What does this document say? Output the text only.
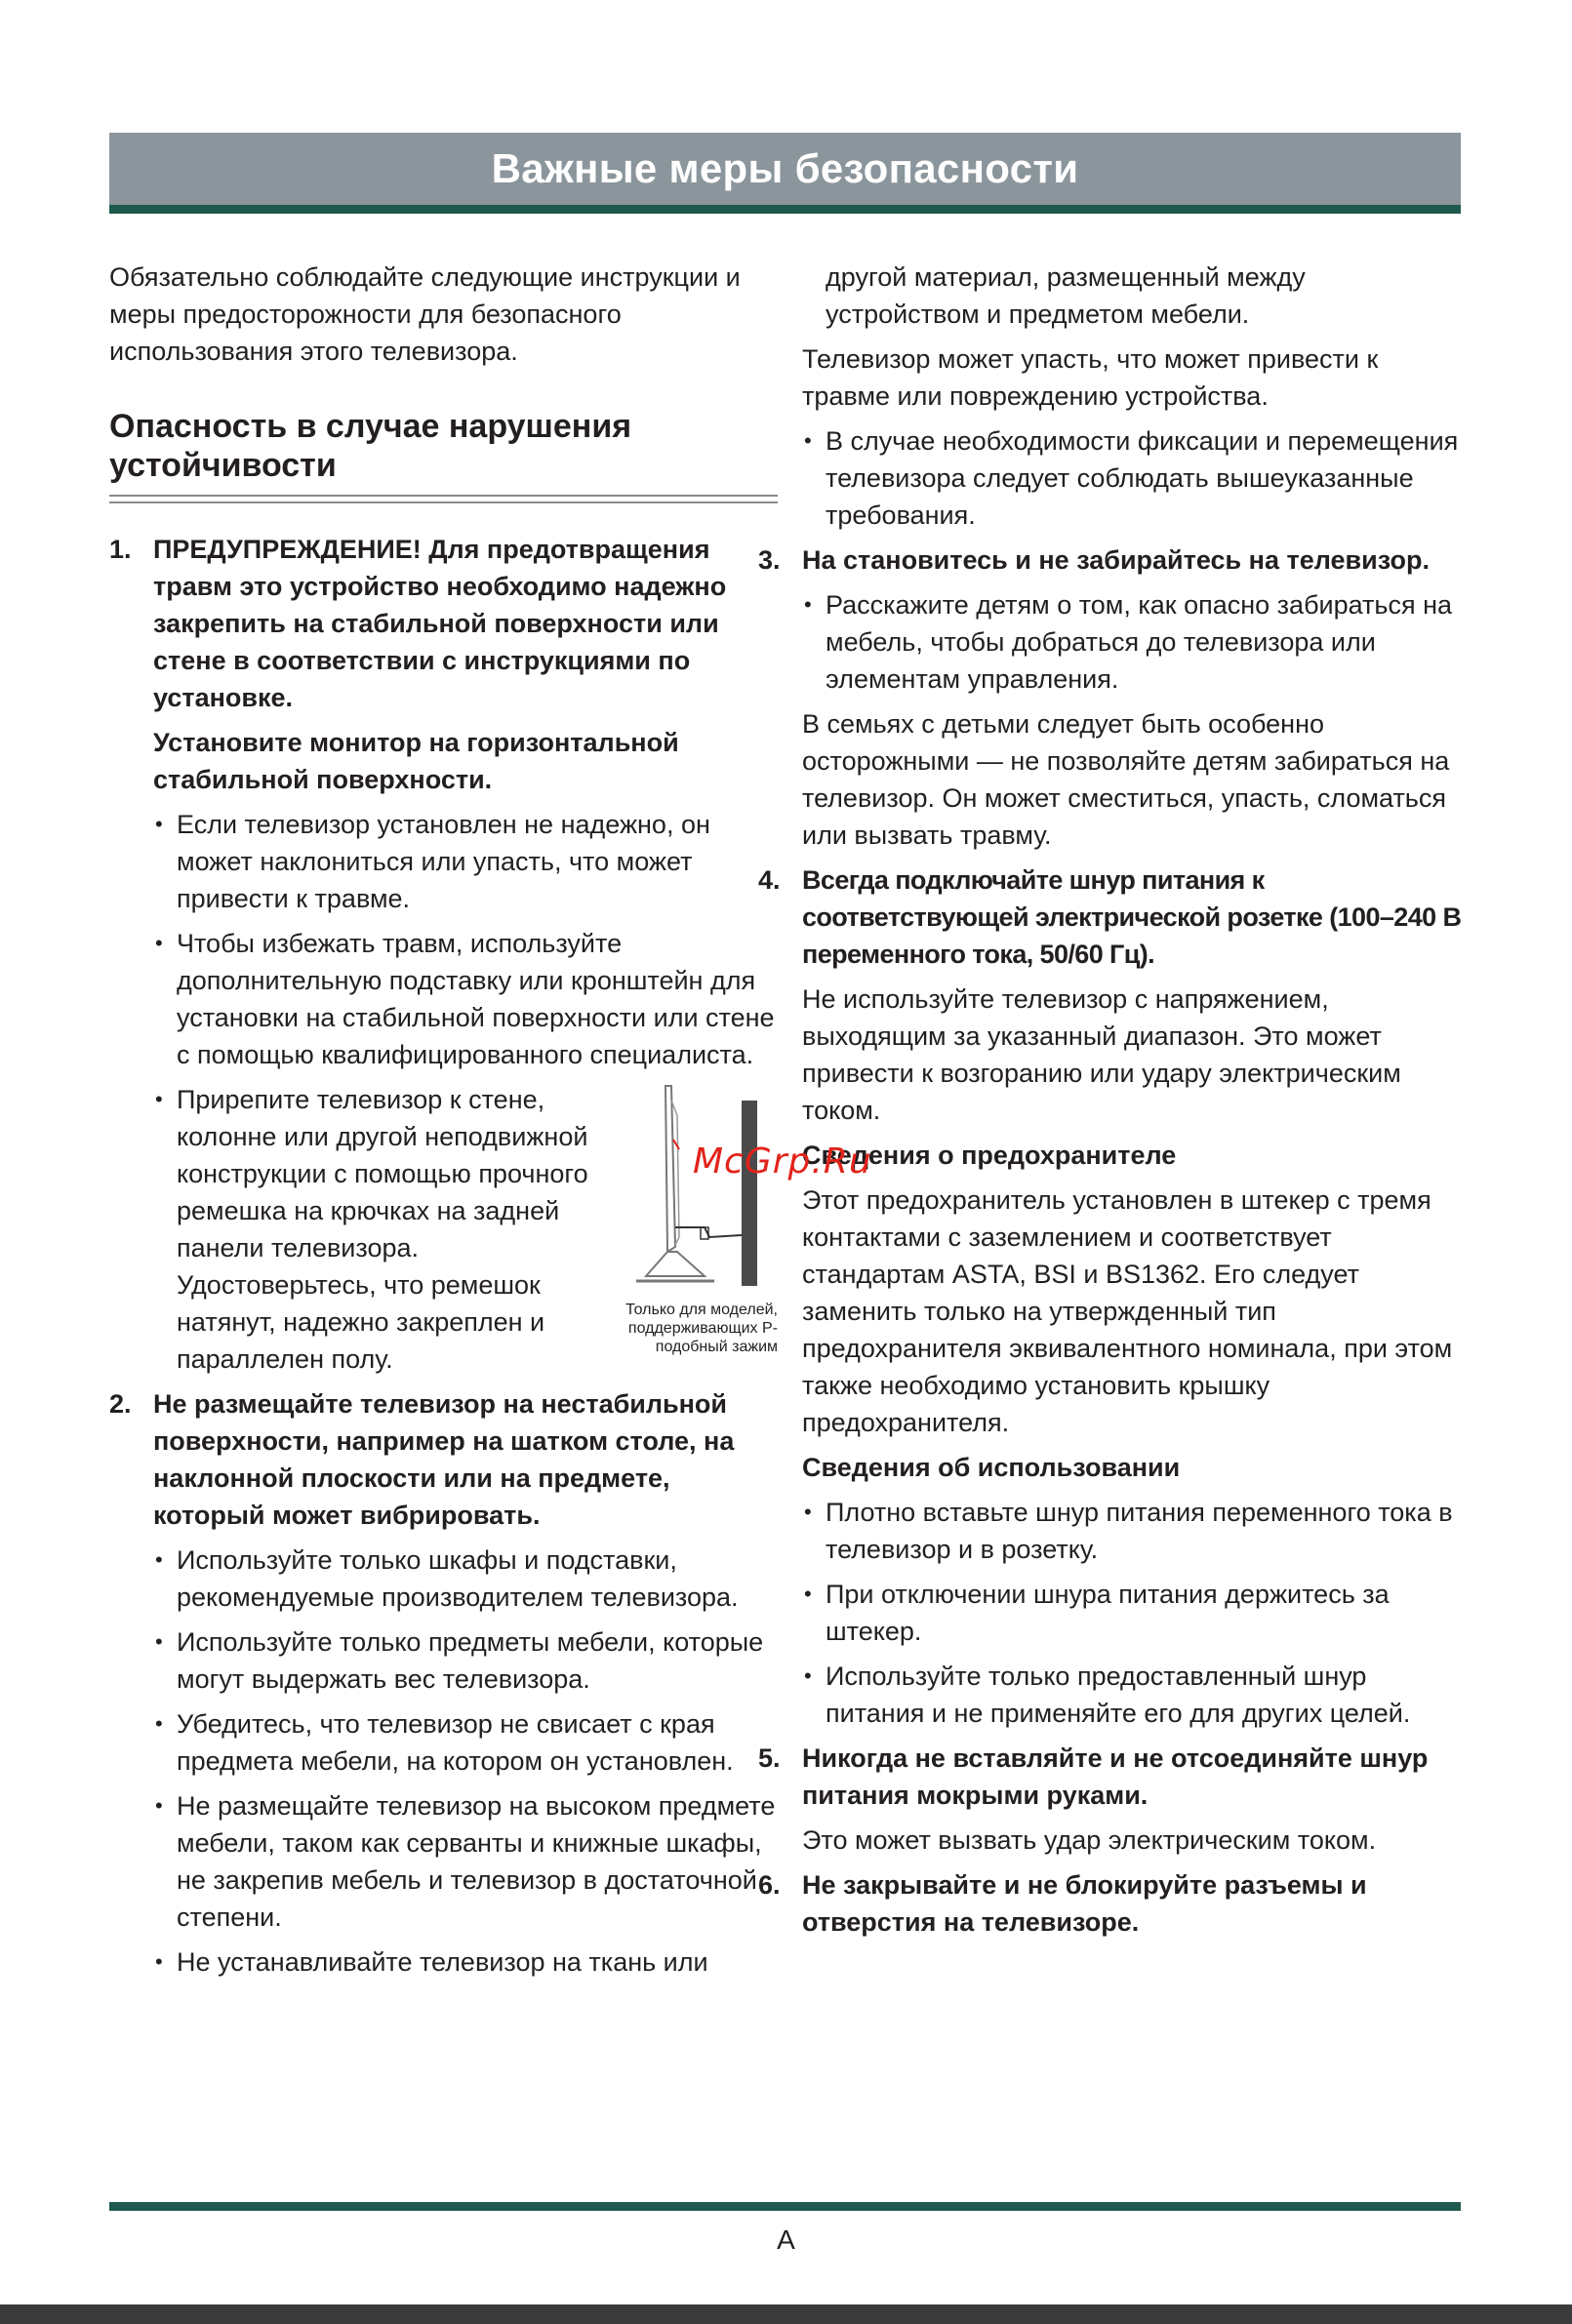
Важные меры безопасности

Обязательно соблюдайте следующие инструкции и меры предосторожности для безопасного использования этого телевизора.

Опасность в случае нарушения устойчивости
1. ПРЕДУПРЕЖДЕНИЕ! Для предотвращения травм это устройство необходимо надежно закрепить на стабильной поверхности или стене в соответствии с инструкциями по установке.

Установите монитор на горизонтальной стабильной поверхности.

• Если телевизор установлен не надежно, он может наклониться или упасть, что может привести к травме.
• Чтобы избежать травм, используйте дополнительную подставку или кронштейн для установки на стабильной поверхности или стене с помощью квалифицированного специалиста.
• Только для моделей, поддерживающих P-подобный зажим
Прирепите телевизор к стене, колонне или другой неподвижной конструкции с помощью прочного ремешка на крючках на задней панели телевизора. Удостоверьтесь, что ремешок натянут, надежно закреплен и параллелен полу.
2. Не размещайте телевизор на нестабильной поверхности, например на шатком столе, на наклонной плоскости или на предмете, который может вибрировать.

• Используйте только шкафы и подставки, рекомендуемые производителем телевизора.
• Используйте только предметы мебели, которые могут выдержать вес телевизора.
• Убедитесь, что телевизор не свисает с края предмета мебели, на котором он установлен.
• Не размещайте телевизор на высоком предмете мебели, таком как серванты и книжные шкафы, не закрепив мебель и телевизор в достаточной степени.
• Не устанавливайте телевизор на ткань или

другой материал, размещенный между устройством и предметом мебели.

Телевизор может упасть, что может привести к травме или повреждению устройства.

• В случае необходимости фиксации и перемещения телевизора следует соблюдать вышеуказанные требования.
3. На становитесь и не забирайтесь на телевизор.

• Расскажите детям о том, как опасно забираться на мебель, чтобы добраться до телевизора или элементам управления.

В семьях с детьми следует быть особенно осторожными — не позволяйте детям забираться на телевизор. Он может сместиться, упасть, сломаться или вызвать травму.

4. Всегда подключайте шнур питания к соответствующей электрической розетке (100–240 В переменного тока, 50/60 Гц).

Не используйте телевизор с напряжением, выходящим за указанный диапазон. Это может привести к возгоранию или удару электрическим током.

Сведения о предохранителе

Этот предохранитель установлен в штекер с тремя контактами с заземлением и соответствует стандартам ASTA, BSI и BS1362. Его следует заменить только на утвержденный тип предохранителя эквивалентного номинала, при этом также необходимо установить крышку предохранителя.

Сведения об использовании

• Плотно вставьте шнур питания переменного тока в телевизор и в розетку.
• При отключении шнура питания держитесь за штекер.
• Используйте только предоставленный шнур питания и не применяйте его для других целей.
5. Никогда не вставляйте и не отсоединяйте шнур питания мокрыми руками.

Это может вызвать удар электрическим током.

6. Не закрывайте и не блокируйте разъемы и отверстия на телевизоре.

McGrp.Ru
A
